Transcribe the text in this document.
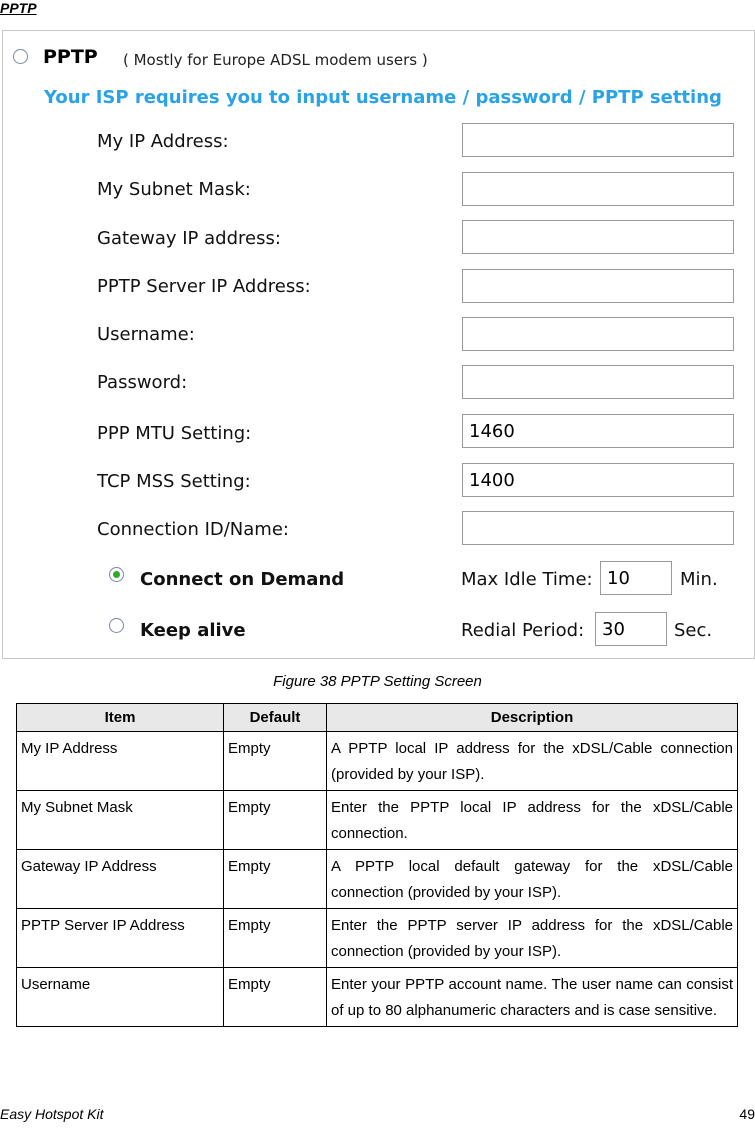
PPTP
PPTP ( Mostly for Europe ADSL modem users )
Your ISP requires you to input username / password / PPTP setting
My IP Address:
My Subnet Mask:
Gateway IP address:
PPTP Server IP Address:
Username:
Password:
PPP MTU Setting:
1460
TCP MSS Setting:
1400
Connection ID/Name:
Connect on Demand	Max Idle Time:
10	Min.
Keep alive	Redial Period:
30	Sec.
Figure 38 PPTP Setting Screen
Item	Default	Description
My IP Address	Empty	A PPTP local IP address for the xDSL/Cable connection (provided by your ISP).
My Subnet Mask	Empty	Enter the PPTP local IP address for the xDSL/Cable connection.
Gateway IP Address	Empty	A PPTP local default gateway for the xDSL/Cable connection (provided by your ISP).
PPTP Server IP Address	Empty	Enter the PPTP server IP address for the xDSL/Cable connection (provided by your ISP).
Username	Empty	Enter your PPTP account name. The user name can consist of up to 80 alphanumeric characters and is case sensitive.
Easy Hotspot Kit	49
